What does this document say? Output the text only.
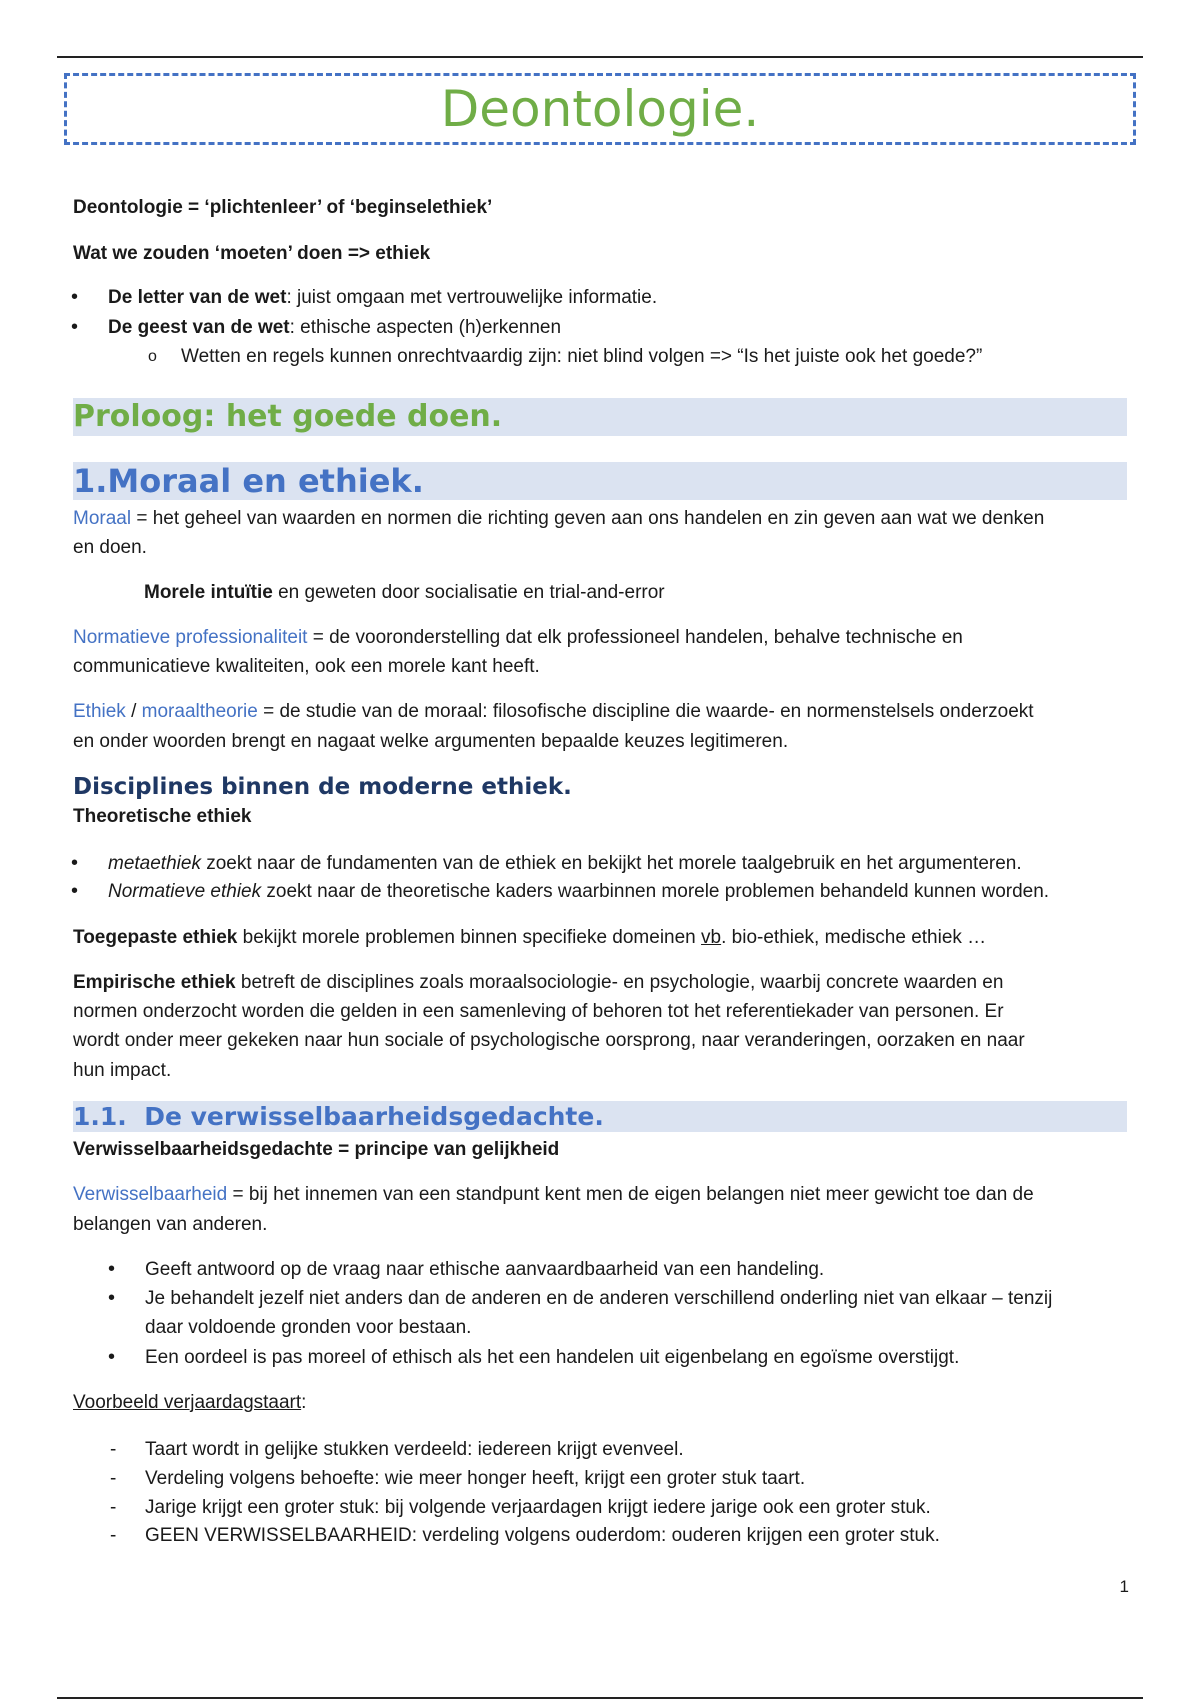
Deontologie.
Deontologie = ‘plichtenleer’ of ‘beginselethiek’
Wat we zouden ‘moeten’ doen => ethiek
• De letter van de wet: juist omgaan met vertrouwelijke informatie.
• De geest van de wet: ethische aspecten (h)erkennen
o Wetten en regels kunnen onrechtvaardig zijn: niet blind volgen => “Is het juiste ook het goede?”
Proloog: het goede doen.
1.Moraal en ethiek.
Moraal = het geheel van waarden en normen die richting geven aan ons handelen en zin geven aan wat we denken
en doen.
Morele intuïtie en geweten door socialisatie en trial-and-error
Normatieve professionaliteit = de vooronderstelling dat elk professioneel handelen, behalve technische en
communicatieve kwaliteiten, ook een morele kant heeft.
Ethiek / moraaltheorie = de studie van de moraal: filosofische discipline die waarde- en normenstelsels onderzoekt
en onder woorden brengt en nagaat welke argumenten bepaalde keuzes legitimeren.
Disciplines binnen de moderne ethiek.
Theoretische ethiek
• metaethiek zoekt naar de fundamenten van de ethiek en bekijkt het morele taalgebruik en het argumenteren.
• Normatieve ethiek zoekt naar de theoretische kaders waarbinnen morele problemen behandeld kunnen worden.
Toegepaste ethiek bekijkt morele problemen binnen specifieke domeinen vb. bio-ethiek, medische ethiek …
Empirische ethiek betreft de disciplines zoals moraalsociologie- en psychologie, waarbij concrete waarden en
normen onderzocht worden die gelden in een samenleving of behoren tot het referentiekader van personen. Er
wordt onder meer gekeken naar hun sociale of psychologische oorsprong, naar veranderingen, oorzaken en naar
hun impact.
1.1.  De verwisselbaarheidsgedachte.
Verwisselbaarheidsgedachte = principe van gelijkheid
Verwisselbaarheid = bij het innemen van een standpunt kent men de eigen belangen niet meer gewicht toe dan de
belangen van anderen.
• Geeft antwoord op de vraag naar ethische aanvaardbaarheid van een handeling.
• Je behandelt jezelf niet anders dan de anderen en de anderen verschillend onderling niet van elkaar – tenzij
daar voldoende gronden voor bestaan.
• Een oordeel is pas moreel of ethisch als het een handelen uit eigenbelang en egoïsme overstijgt.
Voorbeeld verjaardagstaart:
- Taart wordt in gelijke stukken verdeeld: iedereen krijgt evenveel.
- Verdeling volgens behoefte: wie meer honger heeft, krijgt een groter stuk taart.
- Jarige krijgt een groter stuk: bij volgende verjaardagen krijgt iedere jarige ook een groter stuk.
- GEEN VERWISSELBAARHEID: verdeling volgens ouderdom: ouderen krijgen een groter stuk.
1
